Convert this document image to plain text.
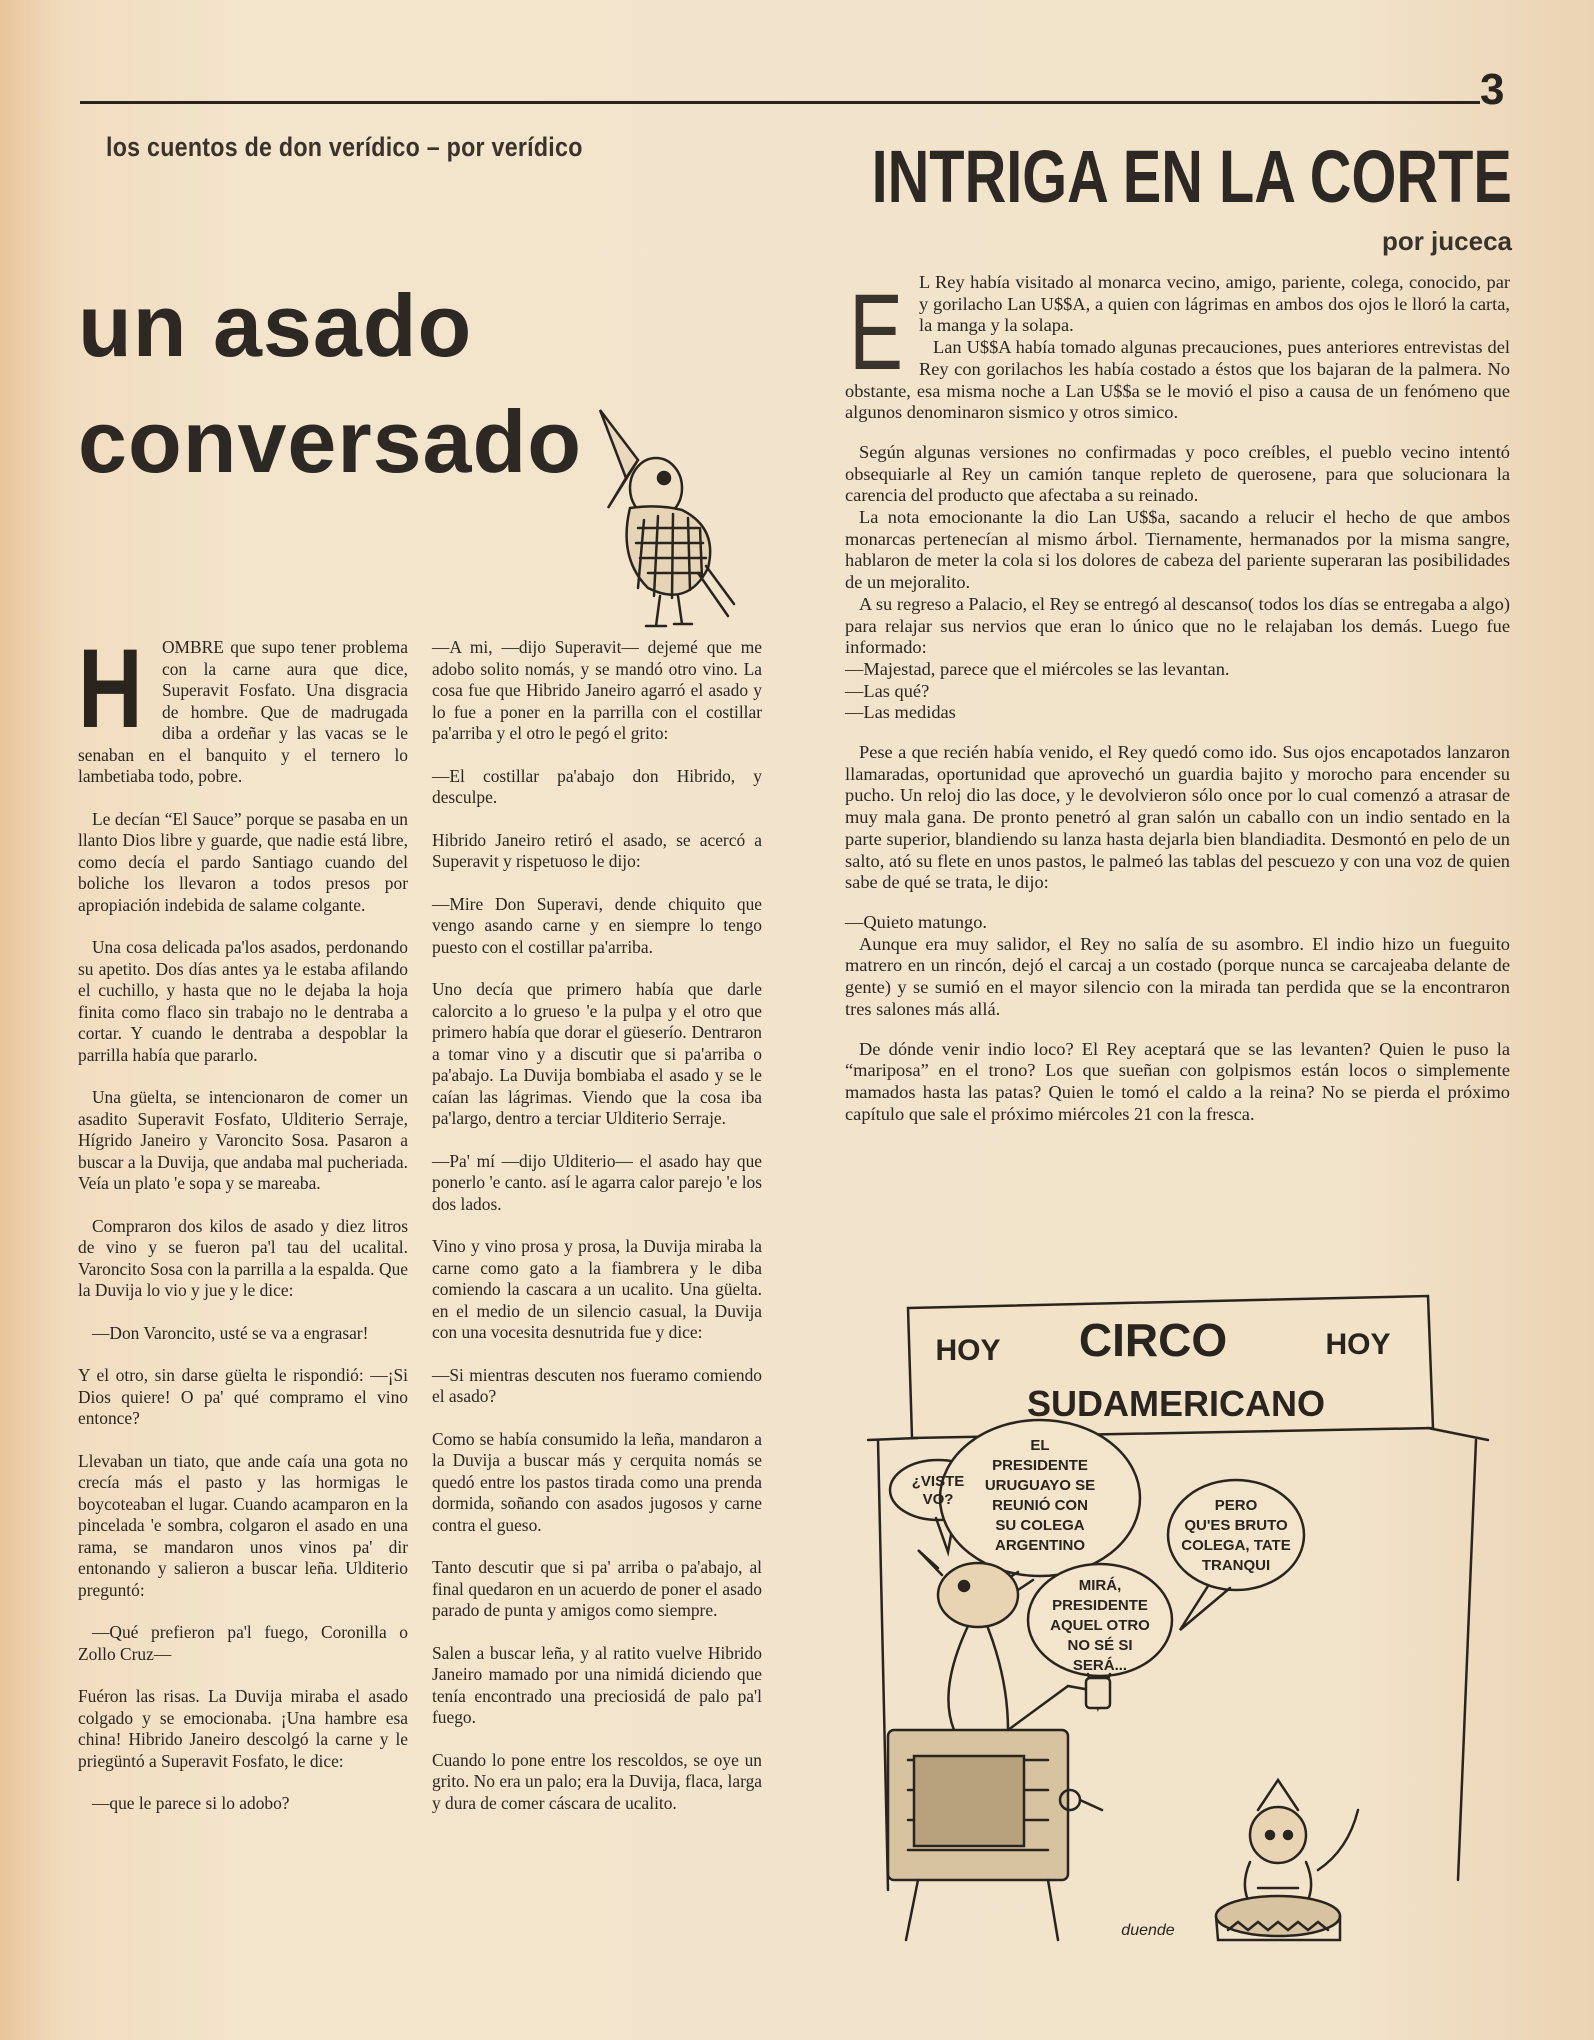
3
los cuentos de don verídico – por verídico
un asado
conversado
H	OMBRE que supo tener problema con la carne aura que dice, Superavit Fosfato. Una disgracia de hombre. Que de madrugada diba a ordeñar y las vacas se le senaban en el banquito y el ternero lo lambetiaba todo, pobre.

Le decían “El Sauce” porque se pasaba en un llanto Dios libre y guarde, que nadie está libre, como decía el pardo Santiago cuando del boliche los llevaron a todos presos por apropiación indebida de salame colgante.

Una cosa delicada pa'los asados, perdonando su apetito. Dos días antes ya le estaba afilando el cuchillo, y hasta que no le dejaba la hoja finita como flaco sin trabajo no le dentraba a cortar. Y cuando le dentraba a despoblar la parrilla había que pararlo.

Una güelta, se intencionaron de comer un asadito Superavit Fosfato, Ulditerio Serraje, Hígrido Janeiro y Varoncito Sosa. Pasaron a buscar a la Duvija, que andaba mal pucheriada. Veía un plato 'e sopa y se mareaba.

Compraron dos kilos de asado y diez litros de vino y se fueron pa'l tau del ucalital. Varoncito Sosa con la parrilla a la espalda. Que la Duvija lo vio y jue y le dice:

—Don Varoncito, usté se va a engrasar!

Y el otro, sin darse güelta le rispondió: —¡Si Dios quiere! O pa' qué compramo el vino entonce?

Llevaban un tiato, que ande caía una gota no crecía más el pasto y las hormigas le boycoteaban el lugar. Cuando acamparon en la pincelada 'e sombra, colgaron el asado en una rama, se mandaron unos vinos pa' dir entonando y salieron a buscar leña. Ulditerio preguntó:

—Qué prefieron pa'l fuego, Coronilla o Zollo Cruz—

Fuéron las risas. La Duvija miraba el asado colgado y se emocionaba. ¡Una hambre esa china! Hibrido Janeiro descolgó la carne y le priegüntó a Superavit Fosfato, le dice:

—que le parece si lo adobo?

—A mi, —dijo Superavit— dejemé que me adobo solito nomás, y se mandó otro vino. La cosa fue que Hibrido Janeiro agarró el asado y lo fue a poner en la parrilla con el costillar pa'arriba y el otro le pegó el grito:

—El costillar pa'abajo don Hibrido, y desculpe.

Hibrido Janeiro retiró el asado, se acercó a Superavit y rispetuoso le dijo:

—Mire Don Superavi, dende chiquito que vengo asando carne y en siempre lo tengo puesto con el costillar pa'arriba.

Uno decía que primero había que darle calorcito a lo grueso 'e la pulpa y el otro que primero había que dorar el güeserío. Dentraron a tomar vino y a discutir que si pa'arriba o pa'abajo. La Duvija bombiaba el asado y se le caían las lágrimas. Viendo que la cosa iba pa'largo, dentro a terciar Ulditerio Serraje.

—Pa' mí —dijo Ulditerio— el asado hay que ponerlo 'e canto. así le agarra calor parejo 'e los dos lados.

Vino y vino prosa y prosa, la Duvija miraba la carne como gato a la fiambrera y le diba comiendo la cascara a un ucalito. Una güelta. en el medio de un silencio casual, la Duvija con una vocesita desnutrida fue y dice:

—Si mientras descuten nos fueramo comiendo el asado?

Como se había consumido la leña, mandaron a la Duvija a buscar más y cerquita nomás se quedó entre los pastos tirada como una prenda dormida, soñando con asados jugosos y carne contra el gueso.

Tanto descutir que si pa' arriba o pa'abajo, al final quedaron en un acuerdo de poner el asado parado de punta y amigos como siempre.

Salen a buscar leña, y al ratito vuelve Hibrido Janeiro mamado por una nimidá diciendo que tenía encontrado una preciosidá de palo pa'l fuego.

Cuando lo pone entre los rescoldos, se oye un grito. No era un palo; era la Duvija, flaca, larga y dura de comer cáscara de ucalito.

INTRIGA EN LA CORTE
por juceca
E L Rey había visitado al monarca vecino, amigo, pariente, colega, conocido, par y gorilacho Lan U$$A, a quien con lágrimas en ambos dos ojos le lloró la carta, la manga y la solapa.

Lan U$$A había tomado algunas precauciones, pues anteriores entrevistas del Rey con gorilachos les había costado a éstos que los bajaran de la palmera. No obstante, esa misma noche a Lan U$$a se le movió el piso a causa de un fenómeno que algunos denominaron sismico y otros simico.

Según algunas versiones no confirmadas y poco creíbles, el pueblo vecino intentó obsequiarle al Rey un camión tanque repleto de querosene, para que solucionara la carencia del producto que afectaba a su reinado.

La nota emocionante la dio Lan U$$a, sacando a relucir el hecho de que ambos monarcas pertenecían al mismo árbol. Tiernamente, hermanados por la misma sangre, hablaron de meter la cola si los dolores de cabeza del pariente superaran las posibilidades de un mejoralito.

A su regreso a Palacio, el Rey se entregó al descanso( todos los días se entregaba a algo) para relajar sus nervios que eran lo único que no le relajaban los demás. Luego fue informado:

—Majestad, parece que el miércoles se las levantan.

—Las qué?

—Las medidas

Pese a que recién había venido, el Rey quedó como ido. Sus ojos encapotados lanzaron llamaradas, oportunidad que aprovechó un guardia bajito y morocho para encender su pucho. Un reloj dio las doce, y le devolvieron sólo once por lo cual comenzó a atrasar de muy mala gana. De pronto penetró al gran salón un caballo con un indio sentado en la parte superior, blandiendo su lanza hasta dejarla bien blandiadita. Desmontó en pelo de un salto, ató su flete en unos pastos, le palmeó las tablas del pescuezo y con una voz de quien sabe de qué se trata, le dijo:

—Quieto matungo.

Aunque era muy salidor, el Rey no salía de su asombro. El indio hizo un fueguito matrero en un rincón, dejó el carcaj a un costado (porque nunca se carcajeaba delante de gente) y se sumió en el mayor silencio con la mirada tan perdida que se la encontraron tres salones más allá.

De dónde venir indio loco? El Rey aceptará que se las levanten? Quien le puso la “mariposa” en el trono? Los que sueñan con golpismos están locos o simplemente mamados hasta las patas? Quien le tomó el caldo a la reina? No se pierda el próximo capítulo que sale el próximo miércoles 21 con la fresca.

HOY CIRCO	HOY
SUDAMERICANO
¿VISTE
VO?
EL
PRESIDENTE
URUGUAYO SE
REUNIÓ CON
SU COLEGA
ARGENTINO
PERO
QU'ES BRUTO
COLEGA, TATE
TRANQUI
MIRÁ,
PRESIDENTE
AQUEL OTRO
NO SÉ SI
SERÁ...
duende
